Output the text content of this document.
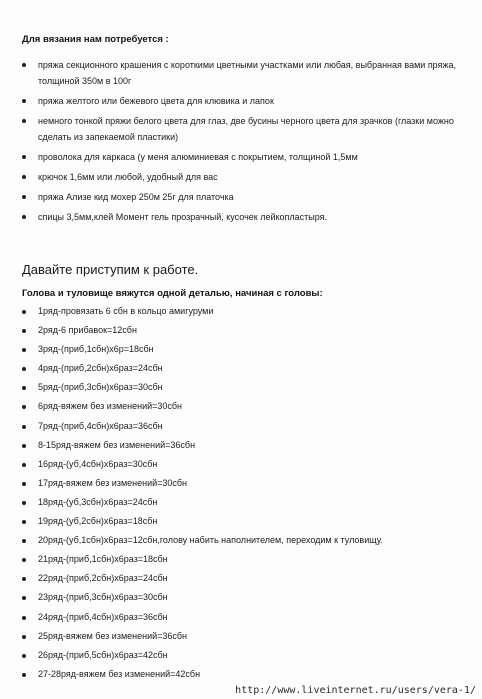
Для вязания нам потребуется :
пряжа секционного крашения с короткими цветными участками или любая, выбранная вами пряжа, толщиной 350м в 100г
пряжа желтого или бежевого цвета для клювика и лапок
немного тонкой пряжи белого цвета для глаз, две бусины черного цвета для зрачков (глазки можно сделать из запекаемой пластики)
проволока для каркаса (у меня алюминиевая с покрытием, толщиной 1,5мм
крючок 1,6мм или любой, удобный для вас
пряжа Ализе кид мохер 250м 25г для платочка
спицы 3,5мм,клей Момент гель прозрачный, кусочек лейкопластыря.
Давайте приступим к работе.
Голова и туловище вяжутся одной деталью, начиная с головы:
1ряд-провязать 6 сбн в кольцо амигуруми
2ряд-6 прибавок=12сбн
3ряд-(приб,1сбн)х6р=18сбн
4ряд-(приб,2сбн)х6раз=24сбн
5ряд-(приб,3сбн)х6раз=30сбн
6ряд-вяжем без изменений=30сбн
7ряд-(приб,4сбн)х6раз=36сбн
8-15ряд-вяжем без изменений=36сбн
16ряд-(уб,4сбн)х6раз=30сбн
17ряд-вяжем без изменений=30сбн
18ряд-(уб,3сбн)х6раз=24сбн
19ряд-(уб,2сбн)х6раз=18сбн
20ряд-(уб,1сбн)х6раз=12сбн,голову набить наполнителем, переходим к туловищу.
21ряд-(приб,1сбн)х6раз=18сбн
22ряд-(приб,2сбн)х6раз=24сбн
23ряд-(приб,3сбн)х6раз=30сбн
24ряд-(приб,4сбн)х6раз=36сбн
25ряд-вяжем без изменений=36сбн
26ряд-(приб,5сбн)х6раз=42сбн
27-28ряд-вяжем без изменений=42сбн
http://www.liveinternet.ru/users/vera-1/
